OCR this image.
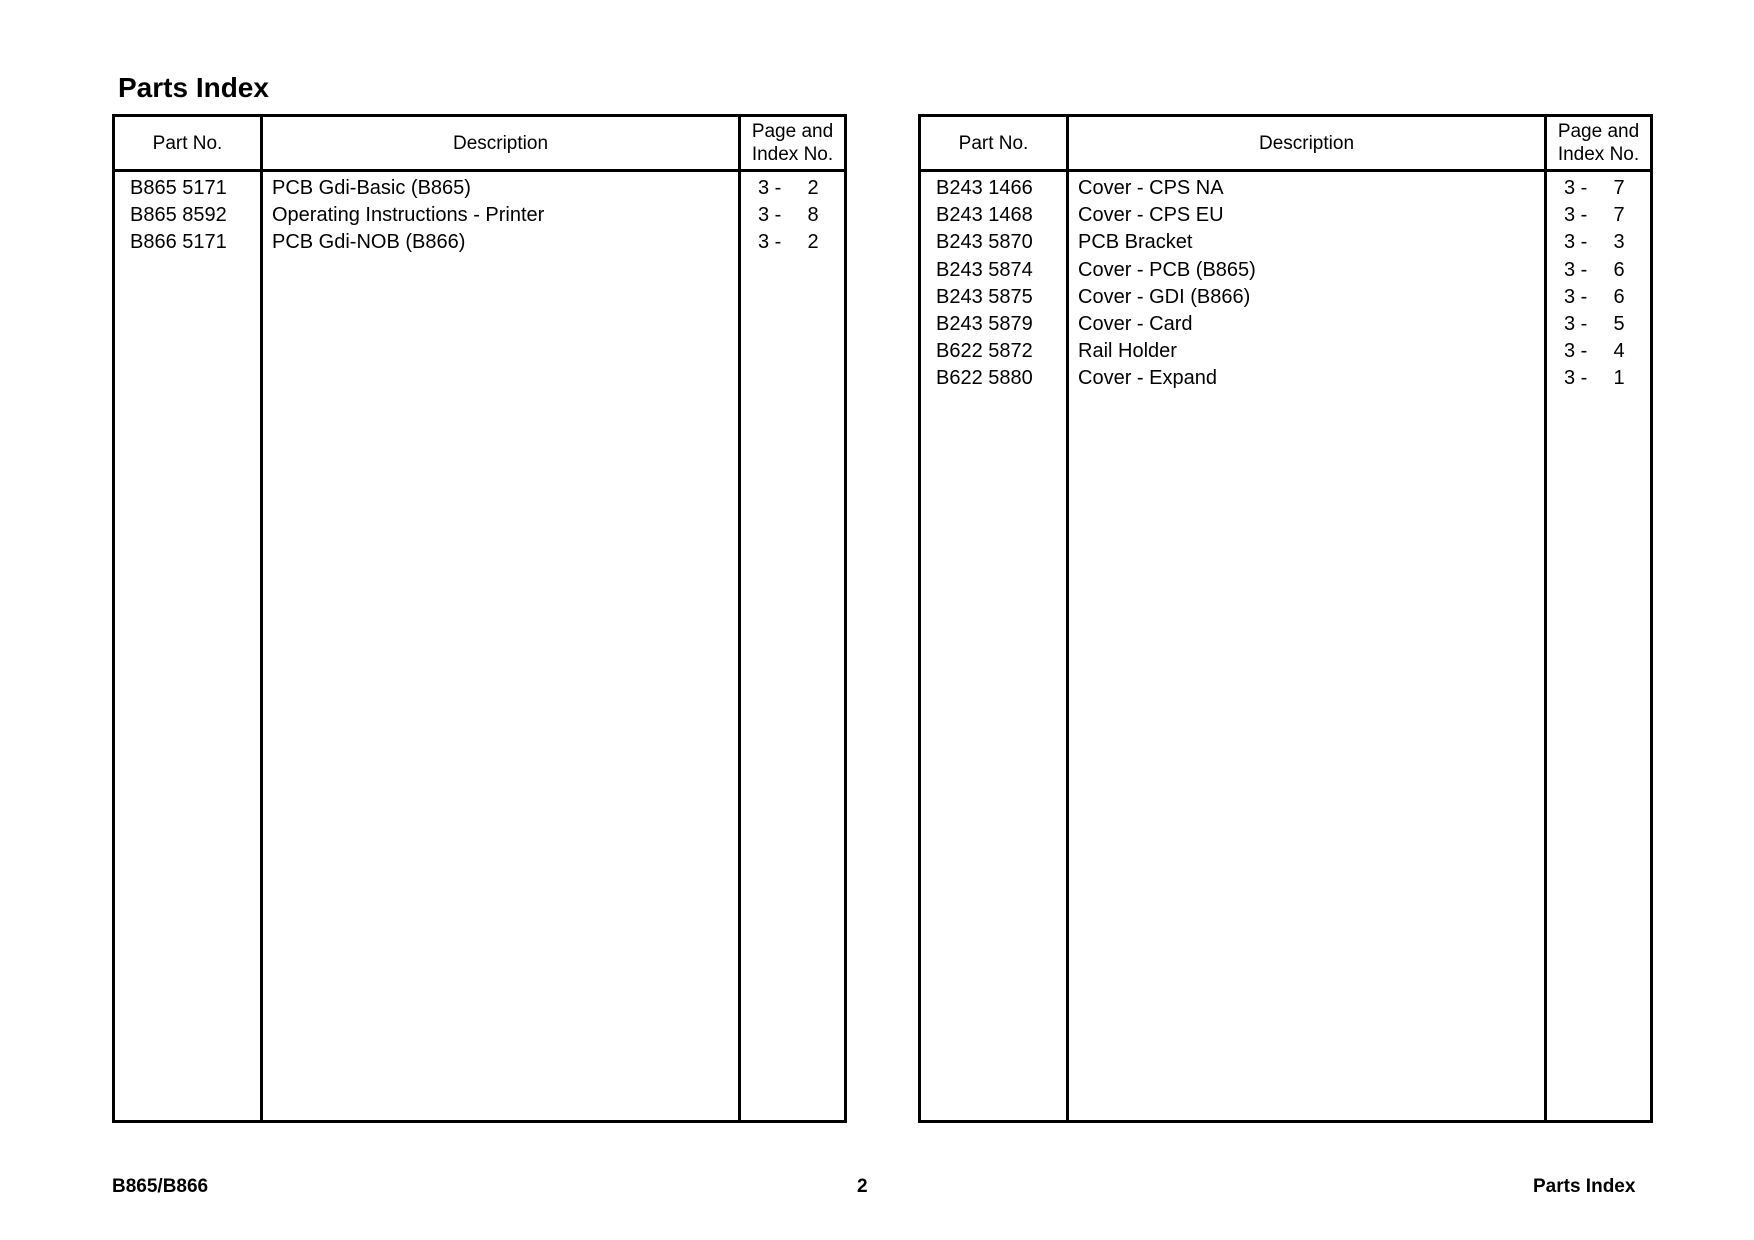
Parts Index
Part No.	Description
Page and
Index No.
B865 5171 PCB Gdi-Basic (B865)	3 - 2
B865 8592 Operating Instructions - Printer	3 - 8
B866 5171 PCB Gdi-NOB (B866)	3 - 2
Part No.	Description
Page and
Index No.
B243 1466 Cover - CPS NA	3 - 7
B243 1468 Cover - CPS EU	3 - 7
B243 5870 PCB Bracket	3 - 3
B243 5874 Cover - PCB (B865)	3 - 6
B243 5875 Cover - GDI (B866)	3 - 6
B243 5879 Cover - Card	3 - 5
B622 5872 Rail Holder	3 - 4
B622 5880 Cover - Expand	3 - 1
B865/B866	2	Parts Index
